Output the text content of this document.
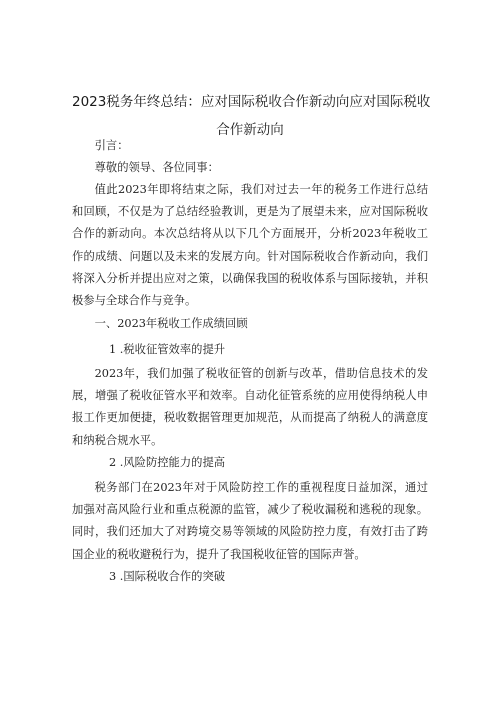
2023税务年终总结：应对国际税收合作新动向应对国际税收
合作新动向

引言：

尊敬的领导、各位同事：

值此2023年即将结束之际，我们对过去一年的税务工作进行总结和回顾，不仅是为了总结经验教训，更是为了展望未来，应对国际税收合作的新动向。本次总结将从以下几个方面展开，分析2023年税收工作的成绩、问题以及未来的发展方向。针对国际税收合作新动向，我们将深入分析并提出应对之策，以确保我国的税收体系与国际接轨，并积极参与全球合作与竞争。

一、2023年税收工作成绩回顾

1 .税收征管效率的提升

2023年，我们加强了税收征管的创新与改革，借助信息技术的发展，增强了税收征管水平和效率。自动化征管系统的应用使得纳税人申报工作更加便捷，税收数据管理更加规范，从而提高了纳税人的满意度和纳税合规水平。

2 .风险防控能力的提高

税务部门在2023年对于风险防控工作的重视程度日益加深，通过加强对高风险行业和重点税源的监管，减少了税收漏税和逃税的现象。同时，我们还加大了对跨境交易等领域的风险防控力度，有效打击了跨国企业的税收避税行为，提升了我国税收征管的国际声誉。

3 .国际税收合作的突破
